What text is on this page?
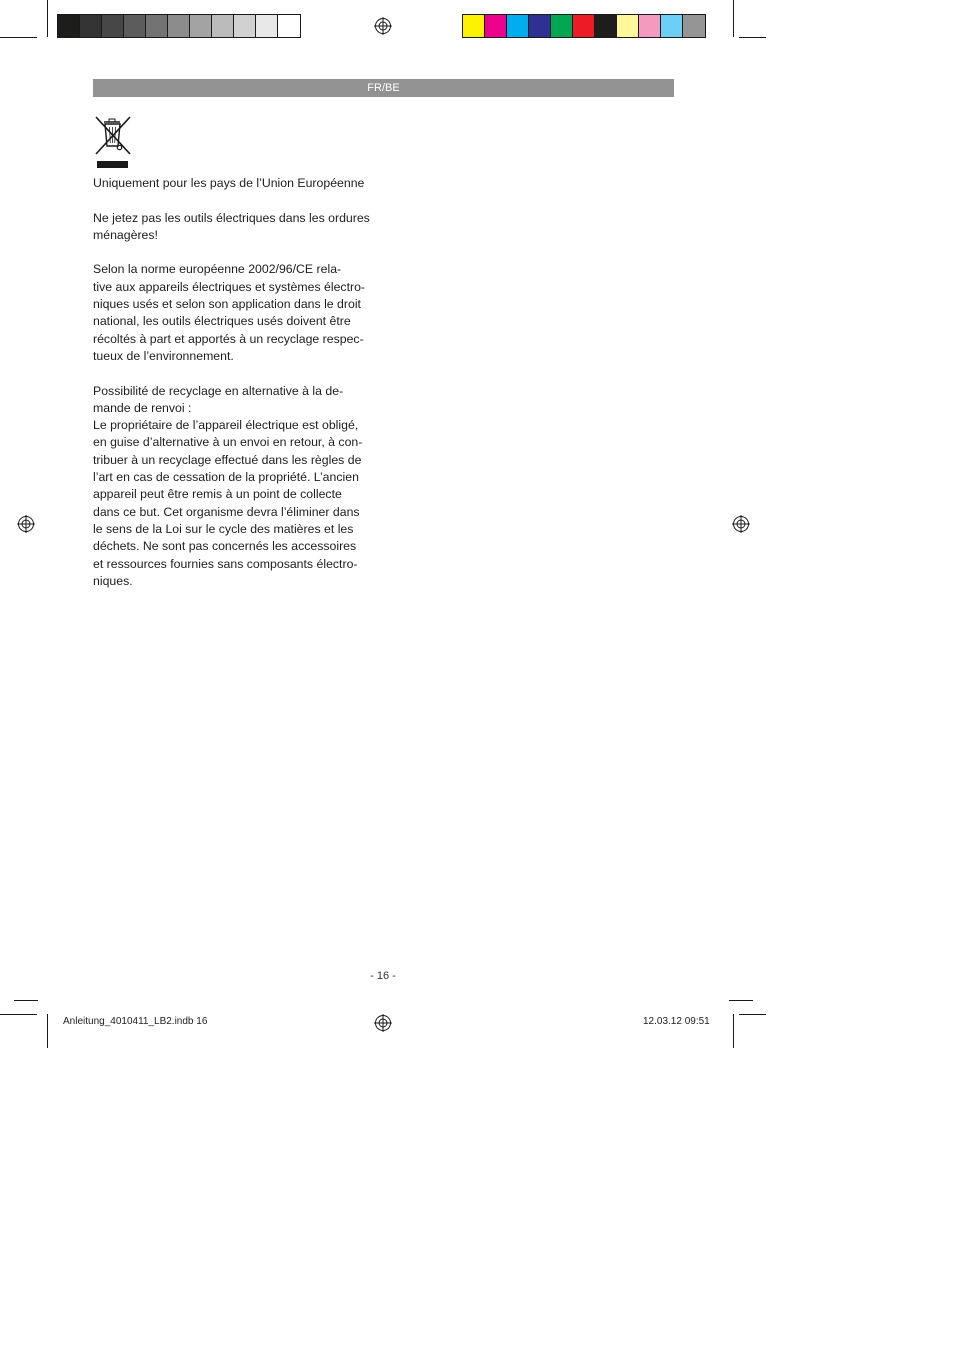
FR/BE

Uniquement pour les pays de l’Union Européenne

Ne jetez pas les outils électriques dans les ordures
ménagères!

Selon la norme européenne 2002/96/CE rela-
tive aux appareils électriques et systèmes électro-
niques usés et selon son application dans le droit
national, les outils électriques usés doivent être
récoltés à part et apportés à un recyclage respec-
tueux de l’environnement.

Possibilité de recyclage en alternative à la de-
mande de renvoi :
Le propriétaire de l’appareil électrique est obligé,
en guise d’alternative à un envoi en retour, à con-
tribuer à un recyclage effectué dans les règles de
l’art en cas de cessation de la propriété. L’ancien
appareil peut être remis à un point de collecte
dans ce but. Cet organisme devra l’éliminer dans
le sens de la Loi sur le cycle des matières et les
déchets. Ne sont pas concernés les accessoires
et ressources fournies sans composants électro-
niques.

- 16 -
Anleitung_4010411_LB2.indb 16	12.03.12 09:51
